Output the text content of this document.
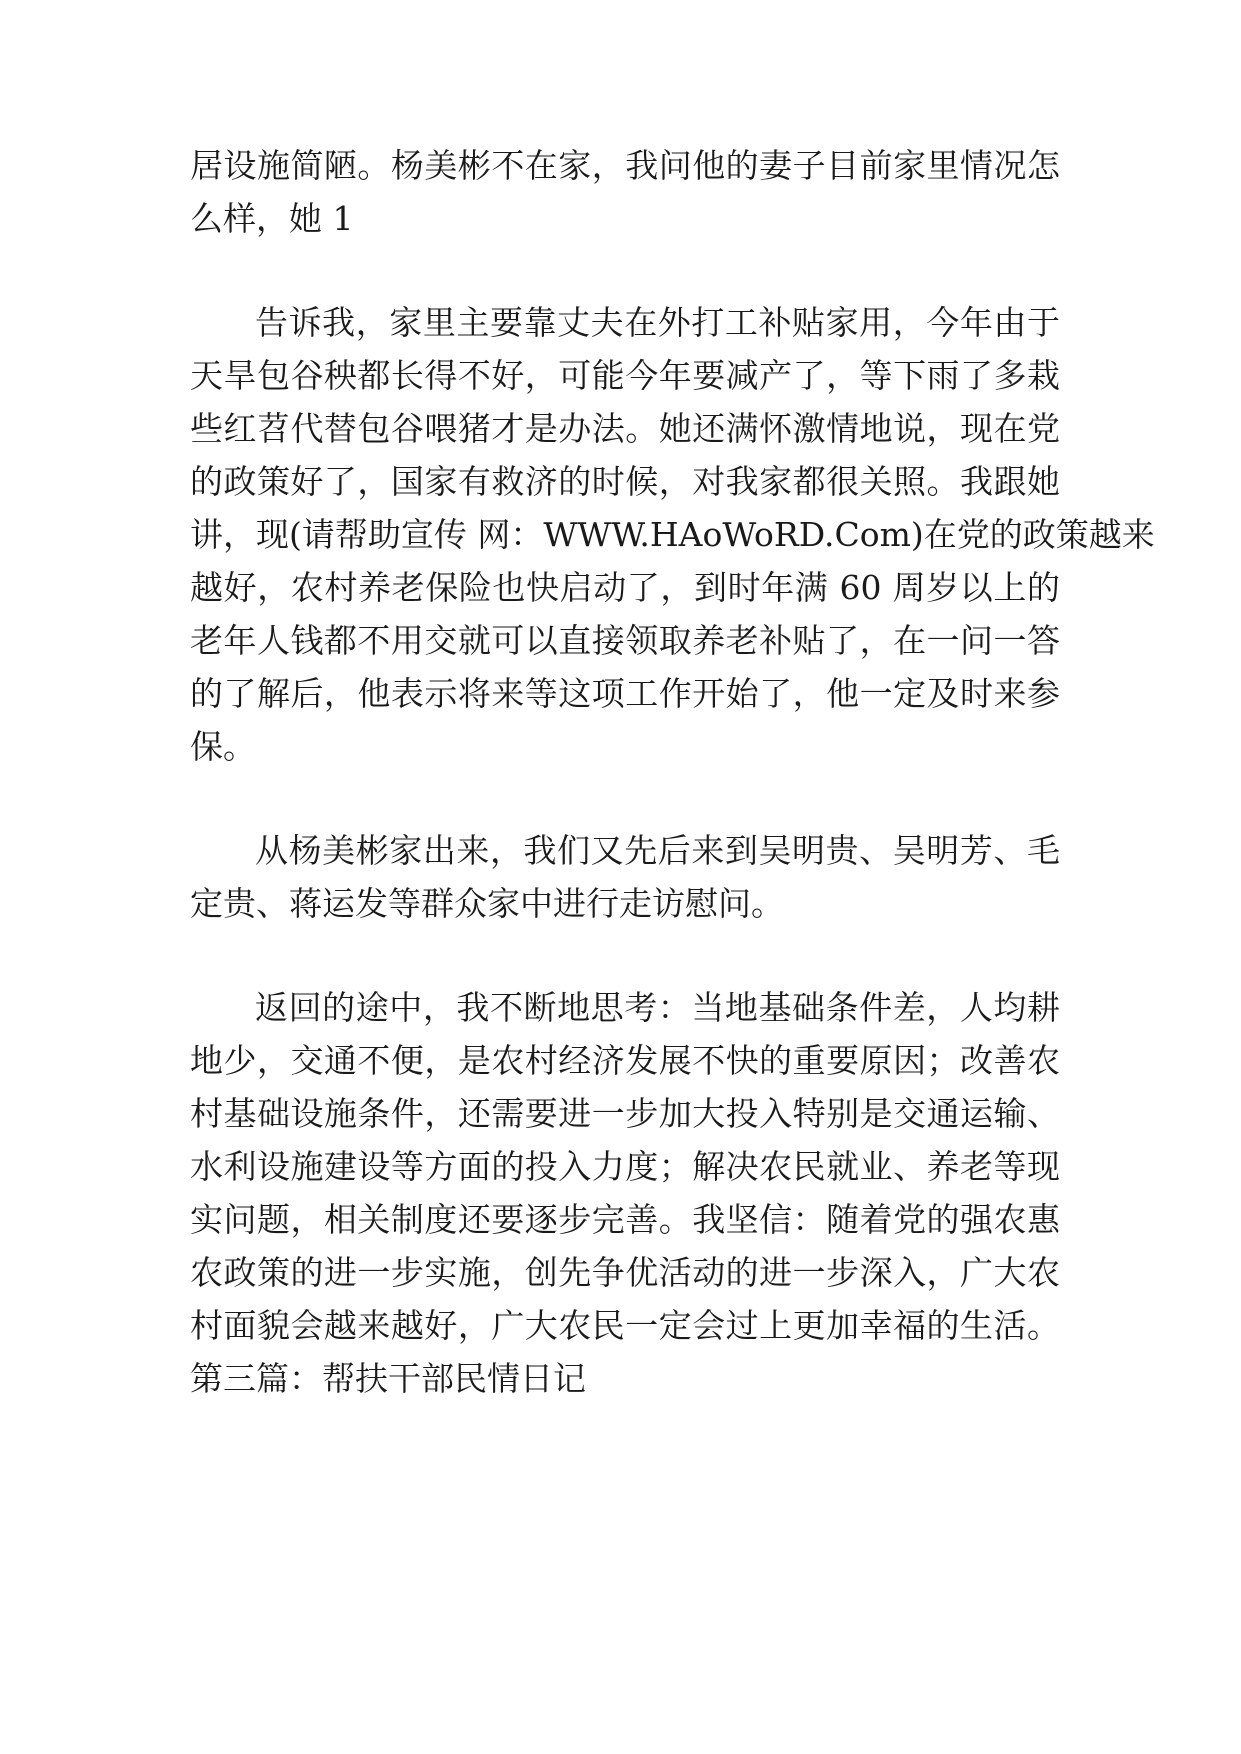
居设施简陋。杨美彬不在家，我问他的妻子目前家里情况怎
么样，她 1
告诉我，家里主要靠丈夫在外打工补贴家用，今年由于
天旱包谷秧都长得不好，可能今年要减产了，等下雨了多栽
些红苕代替包谷喂猪才是办法。她还满怀激情地说，现在党
的政策好了，国家有救济的时候，对我家都很关照。我跟她
讲，现(请帮助宣传 网：WWW.HAoWoRD.Com)在党的政策越来
越好，农村养老保险也快启动了，到时年满 60 周岁以上的
老年人钱都不用交就可以直接领取养老补贴了，在一问一答
的了解后，他表示将来等这项工作开始了，他一定及时来参
保。
从杨美彬家出来，我们又先后来到吴明贵、吴明芳、毛
定贵、蒋运发等群众家中进行走访慰问。
返回的途中，我不断地思考：当地基础条件差，人均耕
地少，交通不便，是农村经济发展不快的重要原因；改善农
村基础设施条件，还需要进一步加大投入特别是交通运输、
水利设施建设等方面的投入力度；解决农民就业、养老等现
实问题，相关制度还要逐步完善。我坚信：随着党的强农惠
农政策的进一步实施，创先争优活动的进一步深入，广大农
村面貌会越来越好，广大农民一定会过上更加幸福的生活。
第三篇：帮扶干部民情日记
